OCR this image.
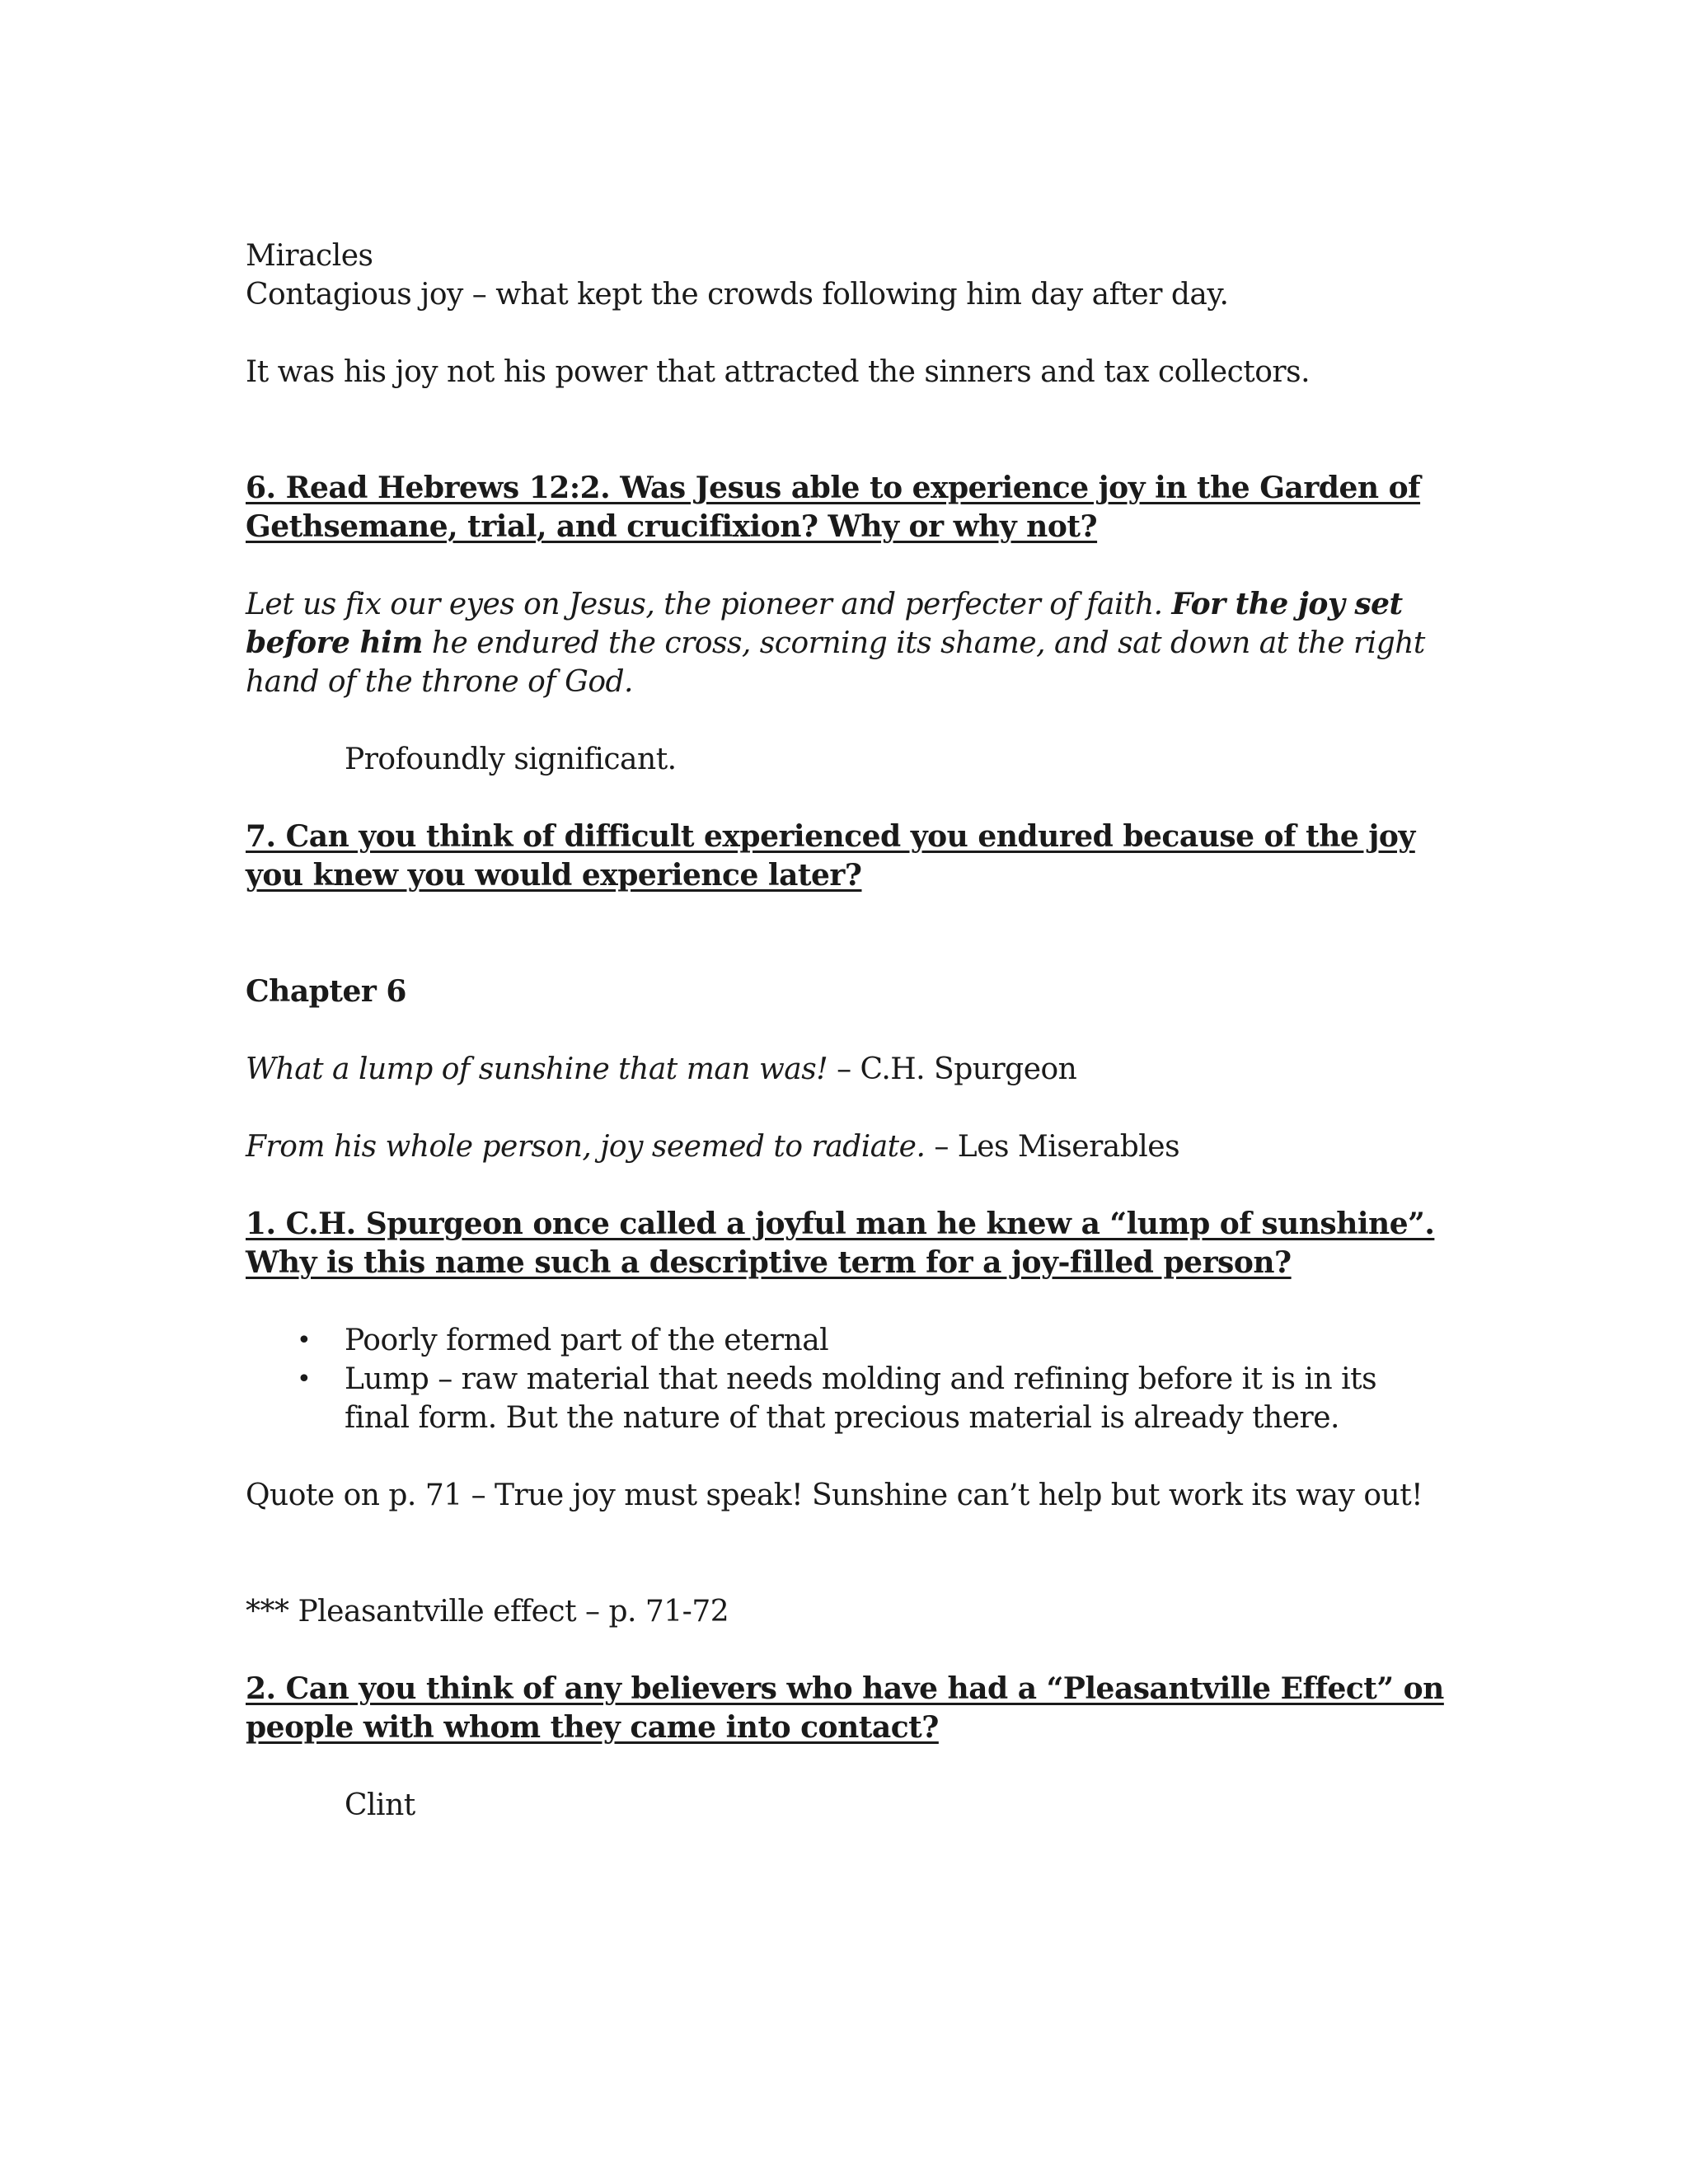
Miracles

Contagious joy – what kept the crowds following him day after day.

It was his joy not his power that attracted the sinners and tax collectors.

6. Read Hebrews 12:2. Was Jesus able to experience joy in the Garden of Gethsemane, trial, and crucifixion? Why or why not?

Let us fix our eyes on Jesus, the pioneer and perfecter of faith. For the joy set before him he endured the cross, scorning its shame, and sat down at the right hand of the throne of God.

Profoundly significant.

7. Can you think of difficult experienced you endured because of the joy you knew you would experience later?

Chapter 6

What a lump of sunshine that man was! – C.H. Spurgeon

From his whole person, joy seemed to radiate. – Les Miserables

1. C.H. Spurgeon once called a joyful man he knew a “lump of sunshine”. Why is this name such a descriptive term for a joy-filled person?

• Poorly formed part of the eternal
• Lump – raw material that needs molding and refining before it is in its final form. But the nature of that precious material is already there.

Quote on p. 71 – True joy must speak! Sunshine can’t help but work its way out!

*** Pleasantville effect – p. 71-72

2. Can you think of any believers who have had a “Pleasantville Effect” on people with whom they came into contact?

Clint
